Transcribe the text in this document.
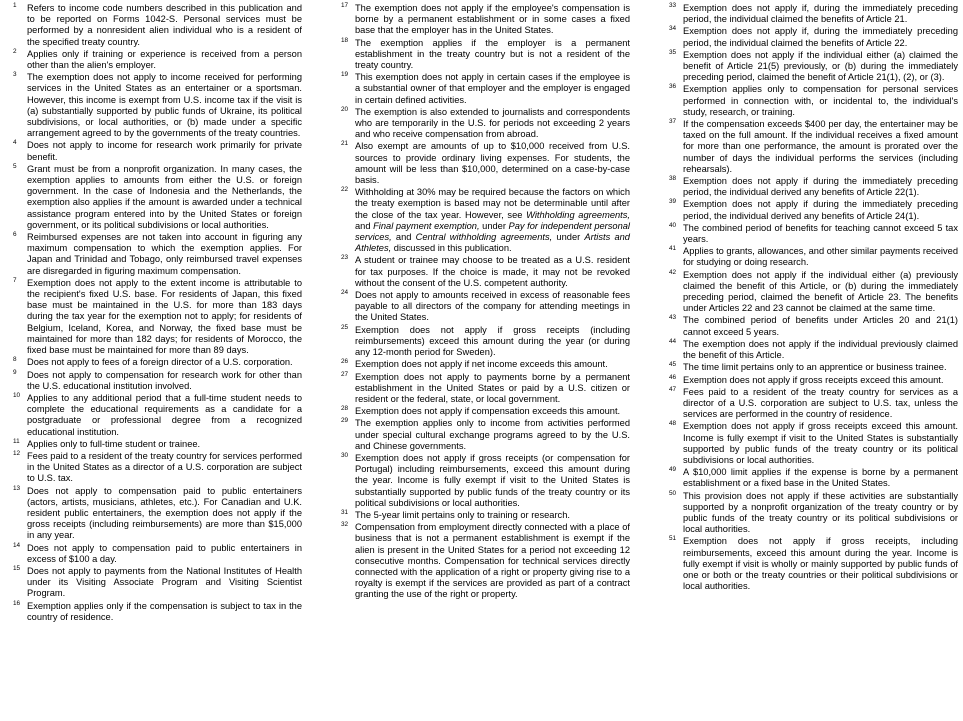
1 Refers to income code numbers described in this publication and to be reported on Forms 1042-S. Personal services must be performed by a nonresident alien individual who is a resident of the specified treaty country.
2 Applies only if training or experience is received from a person other than the alien's employer.
3 The exemption does not apply to income received for performing services in the United States as an entertainer or a sportsman. However, this income is exempt from U.S. income tax if the visit is (a) substantially supported by public funds of Ukraine, its political subdivisions, or local authorities, or (b) made under a specific arrangement agreed to by the governments of the treaty countries.
4 Does not apply to income for research work primarily for private benefit.
5 Grant must be from a nonprofit organization. In many cases, the exemption applies to amounts from either the U.S. or foreign government. In the case of Indonesia and the Netherlands, the exemption also applies if the amount is awarded under a technical assistance program entered into by the United States or foreign government, or its political subdivisions or local authorities.
6 Reimbursed expenses are not taken into account in figuring any maximum compensation to which the exemption applies. For Japan and Trinidad and Tobago, only reimbursed travel expenses are disregarded in figuring maximum compensation.
7 Exemption does not apply to the extent income is attributable to the recipient's fixed U.S. base. For residents of Japan, this fixed base must be maintained in the U.S. for more than 183 days during the tax year for the exemption not to apply; for residents of Belgium, Iceland, Korea, and Norway, the fixed base must be maintained for more than 182 days; for residents of Morocco, the fixed base must be maintained for more than 89 days.
8 Does not apply to fees of a foreign director of a U.S. corporation.
9 Does not apply to compensation for research work for other than the U.S. educational institution involved.
10 Applies to any additional period that a full-time student needs to complete the educational requirements as a candidate for a postgraduate or professional degree from a recognized educational institution.
11 Applies only to full-time student or trainee.
12 Fees paid to a resident of the treaty country for services performed in the United States as a director of a U.S. corporation are subject to U.S. tax.
13 Does not apply to compensation paid to public entertainers (actors, artists, musicians, athletes, etc.). For Canadian and U.K. resident public entertainers, the exemption does not apply if the gross receipts (including reimbursements) are more than $15,000 in any year.
14 Does not apply to compensation paid to public entertainers in excess of $100 a day.
15 Does not apply to payments from the National Institutes of Health under its Visiting Associate Program and Visiting Scientist Program.
16 Exemption applies only if the compensation is subject to tax in the country of residence.
17 The exemption does not apply if the employee's compensation is borne by a permanent establishment or in some cases a fixed base that the employer has in the United States.
18 The exemption applies if the employer is a permanent establishment in the treaty country but is not a resident of the treaty country.
19 This exemption does not apply in certain cases if the employee is a substantial owner of that employer and the employer is engaged in certain defined activities.
20 The exemption is also extended to journalists and correspondents who are temporarily in the U.S. for periods not exceeding 2 years and who receive compensation from abroad.
21 Also exempt are amounts of up to $10,000 received from U.S. sources to provide ordinary living expenses. For students, the amount will be less than $10,000, determined on a case-by-case basis.
22 Withholding at 30% may be required because the factors on which the treaty exemption is based may not be determinable until after the close of the tax year. However, see Withholding agreements, and Final payment exemption, under Pay for independent personal services, and Central withholding agreements, under Artists and Athletes, discussed in this publication.
23 A student or trainee may choose to be treated as a U.S. resident for tax purposes. If the choice is made, it may not be revoked without the consent of the U.S. competent authority.
24 Does not apply to amounts received in excess of reasonable fees payable to all directors of the company for attending meetings in the United States.
25 Exemption does not apply if gross receipts (including reimbursements) exceed this amount during the year (or during any 12-month period for Sweden).
26 Exemption does not apply if net income exceeds this amount.
27 Exemption does not apply to payments borne by a permanent establishment in the United States or paid by a U.S. citizen or resident or the federal, state, or local government.
28 Exemption does not apply if compensation exceeds this amount.
29 The exemption applies only to income from activities performed under special cultural exchange programs agreed to by the U.S. and Chinese governments.
30 Exemption does not apply if gross receipts (or compensation for Portugal) including reimbursements, exceed this amount during the year. Income is fully exempt if visit to the United States is substantially supported by public funds of the treaty country or its political subdivisions or local authorities.
31 The 5-year limit pertains only to training or research.
32 Compensation from employment directly connected with a place of business that is not a permanent establishment is exempt if the alien is present in the United States for a period not exceeding 12 consecutive months. Compensation for technical services directly connected with the application of a right or property giving rise to a royalty is exempt if the services are provided as part of a contract granting the use of the right or property.
33 Exemption does not apply if, during the immediately preceding period, the individual claimed the benefits of Article 21.
34 Exemption does not apply if, during the immediately preceding period, the individual claimed the benefits of Article 22.
35 Exemption does not apply if the individual either (a) claimed the benefit of Article 21(5) previously, or (b) during the immediately preceding period, claimed the benefit of Article 21(1), (2), or (3).
36 Exemption applies only to compensation for personal services performed in connection with, or incidental to, the individual's study, research, or training.
37 If the compensation exceeds $400 per day, the entertainer may be taxed on the full amount. If the individual receives a fixed amount for more than one performance, the amount is prorated over the number of days the individual performs the services (including rehearsals).
38 Exemption does not apply if during the immediately preceding period, the individual derived any benefits of Article 22(1).
39 Exemption does not apply if during the immediately preceding period, the individual derived any benefits of Article 24(1).
40 The combined period of benefits for teaching cannot exceed 5 tax years.
41 Applies to grants, allowances, and other similar payments received for studying or doing research.
42 Exemption does not apply if the individual either (a) previously claimed the benefit of this Article, or (b) during the immediately preceding period, claimed the benefit of Article 23. The benefits under Articles 22 and 23 cannot be claimed at the same time.
43 The combined period of benefits under Articles 20 and 21(1) cannot exceed 5 years.
44 The exemption does not apply if the individual previously claimed the benefit of this Article.
45 The time limit pertains only to an apprentice or business trainee.
46 Exemption does not apply if gross receipts exceed this amount.
47 Fees paid to a resident of the treaty country for services as a director of a U.S. corporation are subject to U.S. tax, unless the services are performed in the country of residence.
48 Exemption does not apply if gross receipts exceed this amount. Income is fully exempt if visit to the United States is substantially supported by public funds of the treaty country or its political subdivisions or local authorities.
49 A $10,000 limit applies if the expense is borne by a permanent establishment or a fixed base in the United States.
50 This provision does not apply if these activities are substantially supported by a nonprofit organization of the treaty country or by public funds of the treaty country or its political subdivisions or local authorities.
51 Exemption does not apply if gross receipts, including reimbursements, exceed this amount during the year. Income is fully exempt if visit is wholly or mainly supported by public funds of one or both or the treaty countries or their political subdivisions or local authorities.
